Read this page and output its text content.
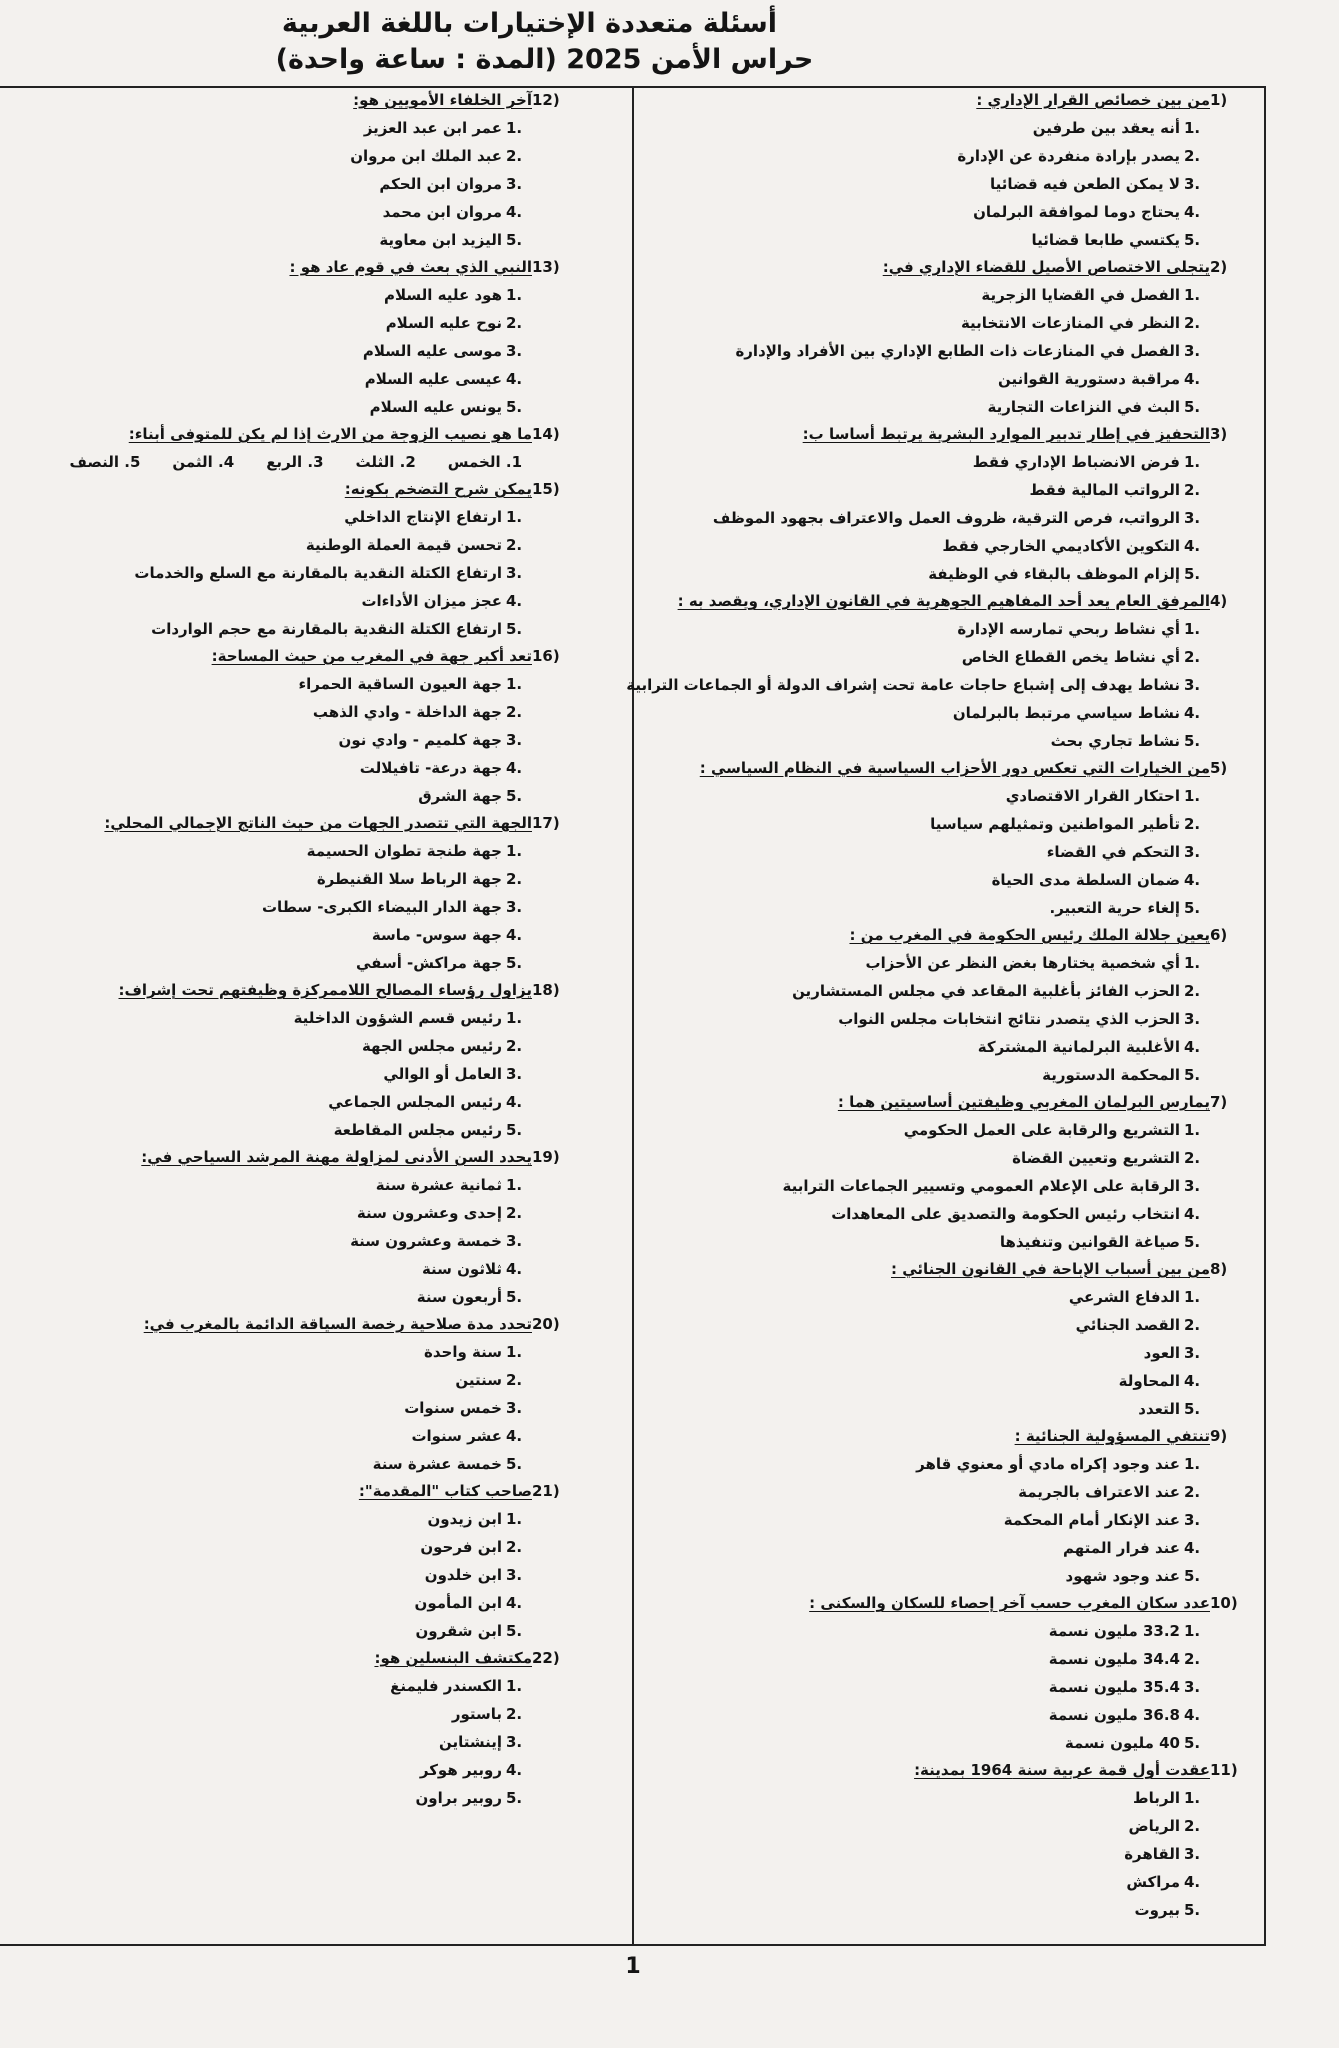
أسئلة متعددة الإختيارات باللغة العربية
حراس الأمن 2025 (المدة : ساعة واحدة)
1)
من بين خصائص القرار الإداري :
1.
أنه يعقد بين طرفين
2.
يصدر بإرادة منفردة عن الإدارة
3.
لا يمكن الطعن فيه قضائيا
4.
يحتاج دوما لموافقة البرلمان
5.
يكتسي طابعا قضائيا
2)
يتجلى الاختصاص الأصيل للقضاء الإداري في:
1.
الفصل في القضايا الزجرية
2.
النظر في المنازعات الانتخابية
3.
الفصل في المنازعات ذات الطابع الإداري بين الأفراد والإدارة
4.
مراقبة دستورية القوانين
5.
البث في النزاعات التجارية
3)
التحفيز في إطار تدبير الموارد البشرية يرتبط أساسا ب:
1.
فرض الانضباط الإداري فقط
2.
الرواتب المالية فقط
3.
الرواتب، فرص الترقية، ظروف العمل والاعتراف بجهود الموظف
4.
التكوين الأكاديمي الخارجي فقط
5.
إلزام الموظف بالبقاء في الوظيفة
4)
المرفق العام يعد أحد المفاهيم الجوهرية في القانون الإداري، ويقصد به :
1.
أي نشاط ربحي تمارسه الإدارة
2.
أي نشاط يخص القطاع الخاص
3.
نشاط يهدف إلى إشباع حاجات عامة تحت إشراف الدولة أو الجماعات الترابية
4.
نشاط سياسي مرتبط بالبرلمان
5.
نشاط تجاري بحث
5)
من الخيارات التي تعكس دور الأحزاب السياسية في النظام السياسي :
1.
احتكار القرار الاقتصادي
2.
تأطير المواطنين وتمثيلهم سياسيا
3.
التحكم في القضاء
4.
ضمان السلطة مدى الحياة
5.
إلغاء حرية التعبير.
6)
يعين جلالة الملك رئيس الحكومة في المغرب من :
1.
أي شخصية يختارها بغض النظر عن الأحزاب
2.
الحزب الفائز بأغلبية المقاعد في مجلس المستشارين
3.
الحزب الذي يتصدر نتائج انتخابات مجلس النواب
4.
الأغلبية البرلمانية المشتركة
5.
المحكمة الدستورية
7)
يمارس البرلمان المغربي وظيفتين أساسيتين هما :
1.
التشريع والرقابة على العمل الحكومي
2.
التشريع وتعيين القضاة
3.
الرقابة على الإعلام العمومي وتسيير الجماعات الترابية
4.
انتخاب رئيس الحكومة والتصديق على المعاهدات
5.
صياغة القوانين وتنفيذها
8)
من بين أسباب الإباحة في القانون الجنائي :
1.
الدفاع الشرعي
2.
القصد الجنائي
3.
العود
4.
المحاولة
5.
التعدد
9)
تنتفي المسؤولية الجنائية :
1.
عند وجود إكراه مادي أو معنوي قاهر
2.
عند الاعتراف بالجريمة
3.
عند الإنكار أمام المحكمة
4.
عند فرار المتهم
5.
عند وجود شهود
10)
عدد سكان المغرب حسب آخر إحصاء للسكان والسكنى :
1.
33.2 مليون نسمة
2.
34.4 مليون نسمة
3.
35.4 مليون نسمة
4.
36.8 مليون نسمة
5.
40 مليون نسمة
11)
عقدت أول قمة عربية سنة 1964 بمدينة:
1.
الرباط
2.
الرياض
3.
القاهرة
4.
مراكش
5.
بيروت
12)
آخر الخلفاء الأمويين هو:
1.
عمر ابن عبد العزيز
2.
عبد الملك ابن مروان
3.
مروان ابن الحكم
4.
مروان ابن محمد
5.
اليزيد ابن معاوية
13)
النبي الذي بعث في قوم عاد هو :
1.
هود عليه السلام
2.
نوح عليه السلام
3.
موسى عليه السلام
4.
عيسى عليه السلام
5.
يونس عليه السلام
14)
ما هو نصيب الزوجة من الارث إذا لم يكن للمتوفى أبناء:
1. الخمس
2. الثلث
3. الربع
4. الثمن
5. النصف
15)
يمكن شرح التضخم بكونه:
1.
ارتفاع الإنتاج الداخلي
2.
تحسن قيمة العملة الوطنية
3.
ارتفاع الكتلة النقدية بالمقارنة مع السلع والخدمات
4.
عجز ميزان الأداءات
5.
ارتفاع الكتلة النقدية بالمقارنة مع حجم الواردات
16)
تعد أكبر جهة في المغرب من حيث المساحة:
1.
جهة العيون الساقية الحمراء
2.
جهة الداخلة - وادي الذهب
3.
جهة كلميم - وادي نون
4.
جهة درعة- تافيلالت
5.
جهة الشرق
17)
الجهة التي تتصدر الجهات من حيث الناتج الإجمالي المحلي:
1.
جهة طنجة تطوان الحسيمة
2.
جهة الرباط سلا القنيطرة
3.
جهة الدار البيضاء الكبرى- سطات
4.
جهة سوس- ماسة
5.
جهة مراكش- أسفي
18)
يزاول رؤساء المصالح اللاممركزة وظيفتهم تحت إشراف:
1.
رئيس قسم الشؤون الداخلية
2.
رئيس مجلس الجهة
3.
العامل أو الوالي
4.
رئيس المجلس الجماعي
5.
رئيس مجلس المقاطعة
19)
يحدد السن الأدنى لمزاولة مهنة المرشد السياحي في:
1.
ثمانية عشرة سنة
2.
إحدى وعشرون سنة
3.
خمسة وعشرون سنة
4.
ثلاثون سنة
5.
أربعون سنة
20)
تحدد مدة صلاحية رخصة السياقة الدائمة بالمغرب في:
1.
سنة واحدة
2.
سنتين
3.
خمس سنوات
4.
عشر سنوات
5.
خمسة عشرة سنة
21)
صاحب كتاب "المقدمة":
1.
ابن زيدون
2.
ابن فرحون
3.
ابن خلدون
4.
ابن المأمون
5.
ابن شقرون
22)
مكتشف البنسلين هو:
1.
الكسندر فليمنغ
2.
باستور
3.
إينشتاين
4.
روبير هوكر
5.
روبير براون
1
